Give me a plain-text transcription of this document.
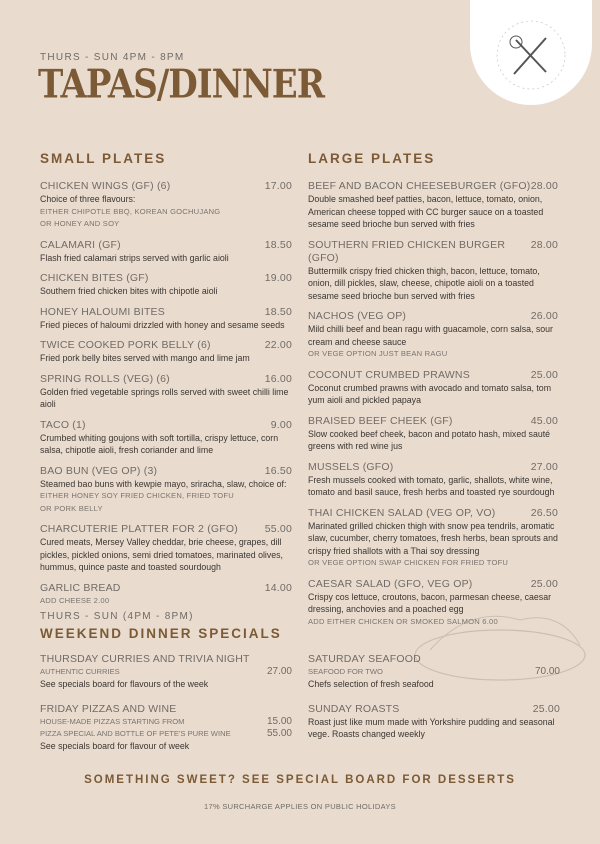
THURS - SUN 4PM - 8PM
TAPAS/DINNER
SMALL PLATES
CHICKEN WINGS (GF) (6)	17.00
Choice of three flavours:
EITHER CHIPOTLE BBQ, KOREAN GOCHUJANG
OR HONEY AND SOY
CALAMARI (GF)	18.50
Flash fried calamari strips served with garlic aioli
CHICKEN BITES (GF)	19.00
Southern fried chicken bites with chipotle aioli
HONEY HALOUMI BITES	18.50
Fried pieces of haloumi drizzled with honey and sesame seeds
TWICE COOKED PORK BELLY (6)	22.00
Fried pork belly bites served with mango and lime jam
SPRING ROLLS (VEG) (6)	16.00
Golden fried vegetable springs rolls served with sweet chilli lime aioli
TACO (1)	9.00
Crumbed whiting goujons with soft tortilla, crispy lettuce, corn salsa, chipotle aioli, fresh coriander and lime
BAO BUN (VEG OP) (3)	16.50
Steamed bao buns with kewpie mayo, sriracha, slaw, choice of:
EITHER HONEY SOY FRIED CHICKEN, FRIED TOFU
OR PORK BELLY
CHARCUTERIE PLATTER FOR 2 (GFO)	55.00
Cured meats, Mersey Valley cheddar, brie cheese, grapes, dill pickles, pickled onions, semi dried tomatoes, marinated olives, hummus, quince paste and toasted sourdough
GARLIC BREAD	14.00
ADD CHEESE 2.00
LARGE PLATES
BEEF AND BACON CHEESEBURGER (GFO) 28.00
Double smashed beef patties, bacon, lettuce, tomato, onion, American cheese topped with CC burger sauce on a toasted sesame seed brioche bun served with fries
SOUTHERN FRIED CHICKEN BURGER (GFO)
28.00
Buttermilk crispy fried chicken thigh, bacon, lettuce, tomato, onion, dill pickles, slaw, cheese, chipotle aioli on a toasted sesame seed brioche bun served with fries
NACHOS (VEG OP)	26.00
Mild chilli beef and bean ragu with guacamole, corn salsa, sour cream and cheese sauce
OR VEGE OPTION JUST BEAN RAGU
COCONUT CRUMBED PRAWNS	25.00
Coconut crumbed prawns with avocado and tomato salsa, tom yum aioli and pickled papaya
BRAISED BEEF CHEEK (GF)	45.00
Slow cooked beef cheek, bacon and potato hash, mixed sauté greens with red wine jus
MUSSELS (GFO)	27.00
Fresh mussels cooked with tomato, garlic, shallots, white wine, tomato and basil sauce, fresh herbs and toasted rye sourdough
THAI CHICKEN SALAD (VEG OP, VO)	26.50
Marinated grilled chicken thigh with snow pea tendrils, aromatic slaw, cucumber, cherry tomatoes, fresh herbs, bean sprouts and crispy fried shallots with a Thai soy dressing
OR VEGE OPTION SWAP CHICKEN FOR FRIED TOFU
CAESAR SALAD (GFO, VEG OP)	25.00
Crispy cos lettuce, croutons, bacon, parmesan cheese, caesar dressing, anchovies and a poached egg
ADD EITHER CHICKEN OR SMOKED SALMON 6.00
THURS - SUN (4PM - 8PM)
WEEKEND DINNER SPECIALS
THURSDAY CURRIES AND TRIVIA NIGHT
AUTHENTIC CURRIES	27.00
See specials board for flavours of the week
FRIDAY PIZZAS AND WINE
HOUSE-MADE PIZZAS STARTING FROM	15.00
PIZZA SPECIAL AND BOTTLE OF PETE'S PURE WINE	55.00
See specials board for flavour of week
SATURDAY SEAFOOD
SEAFOOD FOR TWO	70.00
Chefs selection of fresh seafood
SUNDAY ROASTS	25.00
Roast just like mum made with Yorkshire pudding and seasonal vege. Roasts changed weekly
SOMETHING SWEET? SEE SPECIAL BOARD FOR DESSERTS
17% SURCHARGE APPLIES ON PUBLIC HOLIDAYS
